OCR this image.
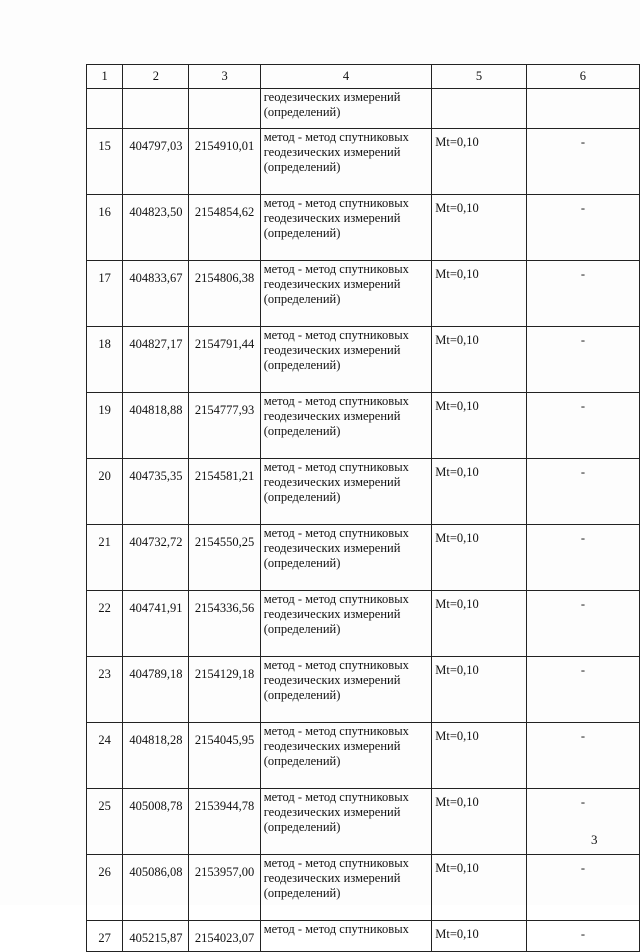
1	2	3	4	5	6

			геодезических измерений
(определений)		

15	404797,03	2154910,01	метод - метод спутниковых
геодезических измерений
(определений)	Mt=0,10	-
16	404823,50	2154854,62	метод - метод спутниковых
геодезических измерений
(определений)	Mt=0,10	-
17	404833,67	2154806,38	метод - метод спутниковых
геодезических измерений
(определений)	Mt=0,10	-
18	404827,17	2154791,44	метод - метод спутниковых
геодезических измерений
(определений)	Mt=0,10	-
19	404818,88	2154777,93	метод - метод спутниковых
геодезических измерений
(определений)	Mt=0,10	-
20	404735,35	2154581,21	метод - метод спутниковых
геодезических измерений
(определений)	Mt=0,10	-
21	404732,72	2154550,25	метод - метод спутниковых
геодезических измерений
(определений)	Mt=0,10	-
22	404741,91	2154336,56	метод - метод спутниковых
геодезических измерений
(определений)	Mt=0,10	-
23	404789,18	2154129,18	метод - метод спутниковых
геодезических измерений
(определений)	Mt=0,10	-
24	404818,28	2154045,95	метод - метод спутниковых
геодезических измерений
(определений)	Mt=0,10	-
25	405008,78	2153944,78	метод - метод спутниковых
геодезических измерений
(определений)	Mt=0,10	-
26	405086,08	2153957,00	метод - метод спутниковых
геодезических измерений
(определений)	Mt=0,10	-
27	405215,87	2154023,07	метод - метод спутниковых	Mt=0,10	-
3
